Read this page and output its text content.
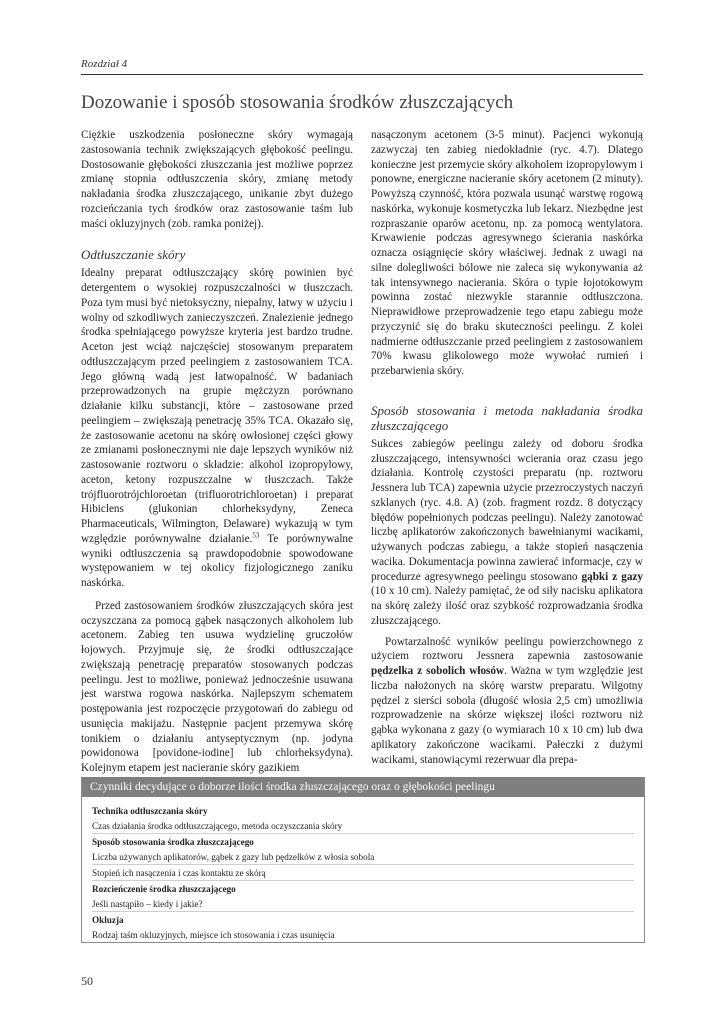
Rozdział 4
Dozowanie i sposób stosowania środków złuszczających

Ciężkie uszkodzenia posłoneczne skóry wymagają zastosowania technik zwiększających głębokość peelingu. Dostosowanie głębokości złuszczania jest możliwe poprzez zmianę stopnia odtłuszczenia skóry, zmianę metody nakładania środka złuszczającego, unikanie zbyt dużego rozcieńczania tych środków oraz zastosowanie taśm lub maści okluzyjnych (zob. ramka poniżej).

Odtłuszczanie skóry

Idealny preparat odtłuszczający skórę powinien być detergentem o wysokiej rozpuszczalności w tłuszczach. Poza tym musi być nietoksyczny, niepalny, łatwy w użyciu i wolny od szkodliwych zanieczyszczeń. Znalezienie jednego środka spełniającego powyższe kryteria jest bardzo trudne. Aceton jest wciąż najczęściej stosowanym preparatem odtłuszczającym przed peelingiem z zastosowaniem TCA. Jego główną wadą jest łatwopalność. W badaniach przeprowadzonych na grupie mężczyzn porównano działanie kilku substancji, które – zastosowane przed peelingiem – zwiększają penetrację 35% TCA. Okazało się, że zastosowanie acetonu na skórę owłosionej części głowy ze zmianami posłonecznymi nie daje lepszych wyników niż zastosowanie roztworu o składzie: alkohol izopropylowy, aceton, ketony rozpuszczalne w tłuszczach. Także trójfluorotrójchloroetan (trifluorotrichloroetan) i preparat Hibiclens (glukonian chlorheksydyny, Zeneca Pharmaceuticals, Wilmington, Delaware) wykazują w tym względzie porównywalne działanie.$^{53}$ Te porównywalne wyniki odtłuszczenia są prawdopodobnie spowodowane występowaniem w tej okolicy fizjologicznego zaniku naskórka.

Przed zastosowaniem środków złuszczających skóra jest oczyszczana za pomocą gąbek nasączonych alkoholem lub acetonem. Zabieg ten usuwa wydzielinę gruczołów łojowych. Przyjmuje się, że środki odtłuszczające zwiększają penetrację preparatów stosowanych podczas peelingu. Jest to możliwe, ponieważ jednocześnie usuwana jest warstwa rogowa naskórka. Najlepszym schematem postępowania jest rozpoczęcie przygotowań do zabiegu od usunięcia makijażu. Następnie pacjent przemywa skórę tonikiem o działaniu antyseptycznym (np. jodyna powidonowa [povidone-iodine] lub chlorheksydyna). Kolejnym etapem jest nacieranie skóry gazikiem

nasączonym acetonem (3-5 minut). Pacjenci wykonują zazwyczaj ten zabieg niedokładnie (ryc. 4.7). Dlatego konieczne jest przemycie skóry alkoholem izopropylowym i ponowne, energiczne nacieranie skóry acetonem (2 minuty). Powyższą czynność, która pozwala usunąć warstwę rogową naskórka, wykonuje kosmetyczka lub lekarz. Niezbędne jest rozpraszanie oparów acetonu, np. za pomocą wentylatora. Krwawienie podczas agresywnego ścierania naskórka oznacza osiągnięcie skóry właściwej. Jednak z uwagi na silne dolegliwości bólowe nie zaleca się wykonywania aż tak intensywnego nacierania. Skóra o typie łojotokowym powinna zostać niezwykle starannie odtłuszczona. Nieprawidłowe przeprowadzenie tego etapu zabiegu może przyczynić się do braku skuteczności peelingu. Z kolei nadmierne odtłuszczanie przed peelingiem z zastosowaniem 70% kwasu glikolowego może wywołać rumień i przebarwienia skóry.

Sposób stosowania i metoda nakładania środka złuszczającego

Sukces zabiegów peelingu zależy od doboru środka złuszczającego, intensywności wcierania oraz czasu jego działania. Kontrolę czystości preparatu (np. roztworu Jessnera lub TCA) zapewnia użycie przezroczystych naczyń szklanych (ryc. 4.8. A) (zob. fragment rozdz. 8 dotyczący błędów popełnionych podczas peelingu). Należy zanotować liczbę aplikatorów zakończonych bawełnianymi wacikami, używanych podczas zabiegu, a także stopień nasączenia wacika. Dokumentacja powinna zawierać informacje, czy w procedurze agresywnego peelingu stosowano gąbki z gazy (10 x 10 cm). Należy pamiętać, że od siły nacisku aplikatora na skórę zależy ilość oraz szybkość rozprowadzania środka złuszczającego.

Powtarzalność wyników peelingu powierzchownego z użyciem roztworu Jessnera zapewnia zastosowanie pędzelka z sobolich włosów. Ważna w tym względzie jest liczba nałożonych na skórę warstw preparatu. Wilgotny pędzel z sierści sobola (długość włosia 2,5 cm) umożliwia rozprowadzenie na skórze większej ilości roztworu niż gąbka wykonana z gazy (o wymiarach 10 x 10 cm) lub dwa aplikatory zakończone wacikami. Pałeczki z dużymi wacikami, stanowiącymi rezerwuar dla prepa-

Czynniki decydujące o doborze ilości środka złuszczającego oraz o głębokości peelingu
Technika odtłuszczania skóry
Czas działania środka odtłuszczającego, metoda oczyszczania skóry
Sposób stosowania środka złuszczającego
Liczba używanych aplikatorów, gąbek z gazy lub pędzelków z włosia sobola
Stopień ich nasączenia i czas kontaktu ze skórą
Rozcieńczenie środka złuszczającego
Jeśli nastąpiło – kiedy i jakie?
Okluzja
Rodzaj taśm okluzyjnych, miejsce ich stosowania i czas usunięcia
50
